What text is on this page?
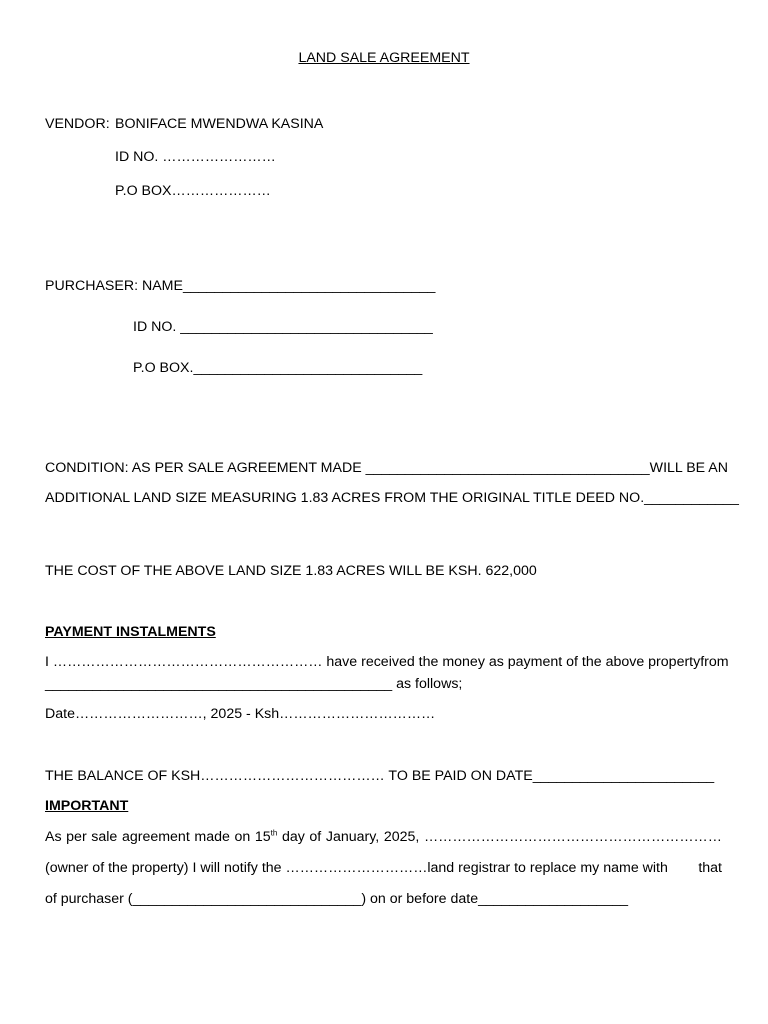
LAND SALE AGREEMENT
VENDOR: BONIFACE MWENDWA KASINA
ID NO. ……………………
P.O BOX…………………
PURCHASER: NAME________________________________
ID NO. ________________________________
P.O BOX._____________________________
CONDITION: AS PER SALE AGREEMENT MADE ____________________________________ WILL BE AN
ADDITIONAL LAND SIZE MEASURING 1.83 ACRES FROM THE ORIGINAL TITLE DEED NO.____________
THE COST OF THE ABOVE LAND SIZE 1.83 ACRES WILL BE KSH. 622,000
PAYMENT INSTALMENTS
I ………………………………………………… have received the money as payment of the above property from
____________________________________________ as follows;
Date………………………, 2025 - Ksh……………………………
THE BALANCE OF KSH………………………………… TO BE PAID ON DATE_______________________
IMPORTANT
As per sale agreement made on 15th day of January, 2025, ………………………………………………………
(owner of the property) I will notify the …………………………land registrar to replace my name with that
of purchaser (_____________________________) on or before date___________________
